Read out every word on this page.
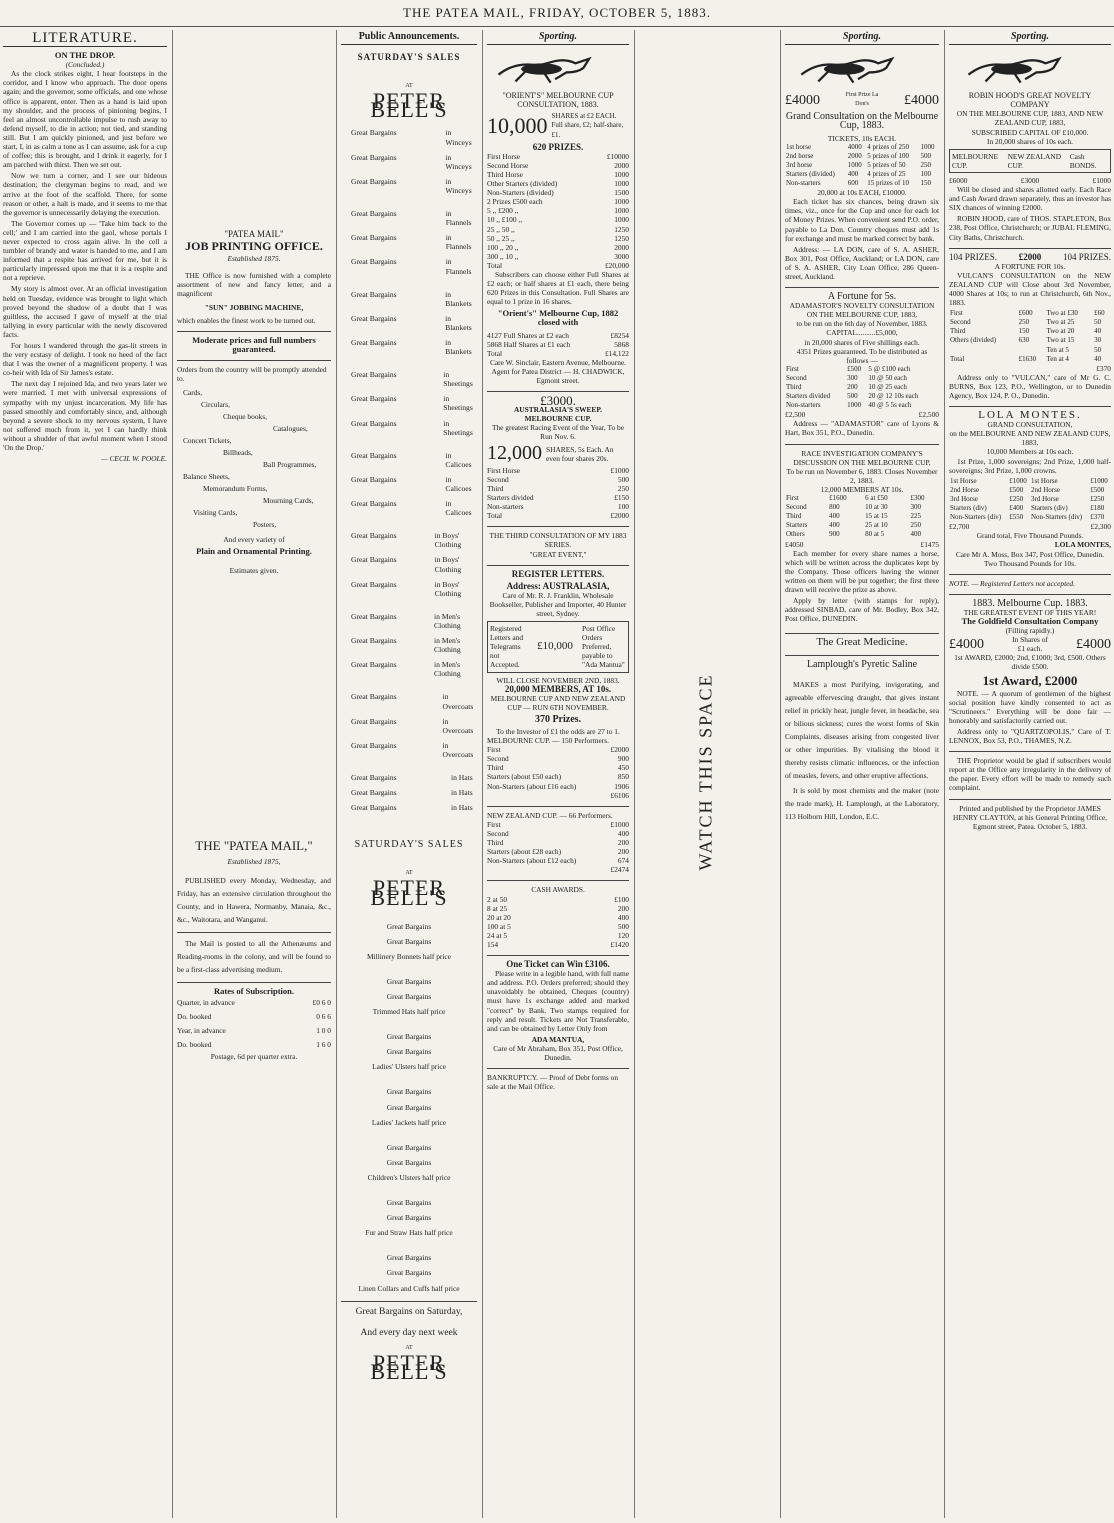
THE PATEA MAIL, FRIDAY, OCTOBER 5, 1883.
LITERATURE.
ON THE DROP.
(Concluded.)

As the clock strikes eight, I hear footsteps in the corridor, and I know who approach. The door opens again; and the governor, some officials, and one whose office is apparent, enter. Then as a hand is laid upon my shoulder, and the process of pinioning begins, I feel an almost uncontrollable impulse to rush away to defend myself, to die in action; not tied, and standing still. But I am quickly pinioned, and just before we start, I, in as calm a tone as I can assume, ask for a cup of coffee; this is brought, and I drink it eagerly, for I am parched with thirst. Then we set out.

Now we turn a corner, and I see our hideous destination; the clergyman begins to read, and we arrive at the foot of the scaffold. There, for some reason or other, a halt is made, and it seems to me that the governor is unnecessarily delaying the execution.

The Governor comes up — 'Take him back to the cell;' and I am carried into the gaol, whose portals I never expected to cross again alive. In the cell a tumbler of brandy and water is handed to me, and I am informed that a respite has arrived for me, but it is particularly impressed upon me that it is a respite and not a reprieve.

My story is almost over. At an official investigation held on Tuesday, evidence was brought to light which proved beyond the shadow of a doubt that I was guiltless, the accused I gave of myself at the trial tallying in every particular with the newly discovered facts.

For hours I wandered through the gas-lit streets in the very ecstasy of delight. I took no heed of the fact that I was the owner of a magnificent property. I was co-heir with Ida of Sir James's estate.

The next day I rejoined Ida, and two years later we were married. I met with universal expressions of sympathy with my unjust incarceration. My life has passed smoothly and comfortably since, and, although beyond a severe shock to my nervous system, I have not suffered much from it, yet I can hardly think without a shudder of that awful moment when I stood 'On the Drop.'

— CECIL W. POOLE.
"PATEA MAIL"
JOB PRINTING OFFICE.
Established 1875.

THE Office is now furnished with a complete assortment of new and fancy letter, and a magnificent

"SUN" JOBBING MACHINE,
which enables the finest work to be turned out.
Moderate prices and full numbers guaranteed.
Orders from the country will be promptly attended to.
Cards,
Circulars,
Cheque books,
Catalogues,
Concert Tickets,
Billheads,
Ball Programmes,
Balance Sheets,
Memorandum Forms,
Mourning Cards,
Visiting Cards,
Posters,
And every variety of
Plain and Ornamental Printing.
Estimates given.
THE "PATEA MAIL,"
Established 1875,

PUBLISHED every Monday, Wednesday, and Friday, has an extensive circulation throughout the County, and in Hawera, Normanby, Manaia, &c., &c., Waitotara, and Wanganui.

The Mail is posted to all the Athenæums and Reading-rooms in the colony, and will be found to be a first-class advertising medium.

Rates of Subscription.
Quarter, in advance	£0 6 0
Do. booked	0 6 6
Year, in advance	1 0 0
Do. booked	1 6 0
Postage, 6d per quarter extra.
Public Announcements.
SATURDAY'S SALES
AT
PETER BELL'S
Great Bargains	in Winceys
Great Bargains	in Winceys
Great Bargains	in Winceys
Great Bargains	in Flannels
Great Bargains	in Flannels
Great Bargains	in Flannels
Great Bargains	in Blankets
Great Bargains	in Blankets
Great Bargains	in Blankets
Great Bargains	in Sheetings
Great Bargains	in Sheetings
Great Bargains	in Sheetings
Great Bargains	in Calicoes
Great Bargains	in Calicoes
Great Bargains	in Calicoes
Great Bargains	in Boys' Clothing
Great Bargains	in Boys' Clothing
Great Bargains	in Boys' Clothing
Great Bargains	in Men's Clothing
Great Bargains	in Men's Clothing
Great Bargains	in Men's Clothing
Great Bargains	in Overcoats
Great Bargains	in Overcoats
Great Bargains	in Overcoats
Great Bargains	in Hats
Great Bargains	in Hats
Great Bargains	in Hats
SATURDAY'S SALES
AT
PETER BELL'S
Great Bargains
Great Bargains
Millinery Bonnets half price
Great Bargains
Great Bargains
Trimmed Hats half price
Great Bargains
Great Bargains
Ladies' Ulsters half price
Great Bargains
Great Bargains
Ladies' Jackets half price
Great Bargains
Great Bargains
Children's Ulsters half price
Great Bargains
Great Bargains
Fur and Straw Hats half price
Great Bargains
Great Bargains
Linen Collars and Cuffs half price
Great Bargains on Saturday,
And every day next week
AT
PETER BELL'S
Sporting.
"ORIENT'S" MELBOURNE CUP CONSULTATION, 1883.
10,000 SHARES at £2 EACH. Full share, £2; half-share, £1.
620 PRIZES.
First Horse	£10000
Second Horse	2000
Third Horse	1000
Other Starters (divided)	1000
Non-Starters (divided)	1500
2 Prizes £500 each	1000
5 ,, £200 ,,	1000
10 ,, £100 ,,	1000
25 ,, 50 ,,	1250
50 ,, 25 ,,	1250
100 ,, 20 ,,	2000
300 ,, 10 ,,	3000
Total	£20,000

Subscribers can choose either Full Shares at £2 each; or half shares at £1 each, there being 620 Prizes in this Consultation. Full Shares are equal to 1 prize in 16 shares.

"Orient's" Melbourne Cup, 1882 closed with
4127 Full Shares at £2 each	£8254
5868 Half Shares at £1 each	5868
Total	£14,122
Care W. Sinclair, Eastern Avenue, Melbourne. Agent for Patea District — H. CHADWICK, Egmont street.
£3000.
AUSTRALASIA'S SWEEP.
MELBOURNE CUP.
The greatest Racing Event of the Year, To be Run Nov. 6.
12,000 SHARES, 5s Each. An even four shares 20s.
First Horse	£1000
Second	500
Third	250
Starters divided	£150
Non-starters	100
Total	£2000
THE THIRD CONSULTATION OF MY 1883 SERIES.
"GREAT EVENT,"
REGISTER LETTERS.
Address: AUSTRALASIA,
Care of Mr. R. J. Franklin, Wholesale Bookseller, Publisher and Importer, 40 Hunter street, Sydney.
Registered Letters and Telegrams not Accepted.
£10,000
Post Office Orders Preferred, payable to "Ada Mantua"
WILL CLOSE NOVEMBER 2ND, 1883.
20,000 MEMBERS, AT 10s.
MELBOURNE CUP AND NEW ZEALAND CUP — RUN 6TH NOVEMBER.
370 Prizes.
To the Investor of £1 the odds are 27 to 1.
MELBOURNE CUP. — 150 Performers.
First	£2000
Second	900
Third	450
Starters (about £50 each)	850
Non-Starters (about £16 each)	1906
£6106
NEW ZEALAND CUP. — 66 Performers.
First	£1000
Second	400
Third	200
Starters (about £28 each)	200
Non-Starters (about £12 each)	674
£2474
CASH AWARDS.
2 at 50	£100
8 at 25	200
20 at 20	400
100 at 5	500
24 at 5	120
154	£1420
One Ticket can Win £3106.

Please write in a legible hand, with full name and address. P.O. Orders preferred; should they unavoidably be obtained, Cheques (country) must have 1s exchange added and marked "correct" by Bank. Two stamps required for reply and result. Tickets are Not Transferable, and can be obtained by Letter Only from

ADA MANTUA,
Care of Mr Abraham, Box 351, Post Office, Dunedin.
BANKRUPTCY. — Proof of Debt forms on sale at the Mail Office.
WATCH THIS SPACE
Sporting.
£4000	First Prize La Don's	£4000
Grand Consultation on the Melbourne Cup, 1883.
TICKETS, 10s EACH.
1st horse	4000	4 prizes of 250	1000
2nd horse	2000	5 prizes of 100	500
3rd horse	1000	5 prizes of 50	250
Starters (divided)	400	4 prizes of 25	100
Non-starters	600	15 prizes of 10	150
20,000 at 10s EACH, £10000.

Each ticket has six chances, being drawn six times, viz., once for the Cup and once for each lot of Money Prizes. When convenient send P.O. order, payable to La Don. Country cheques must add 1s for exchange and must be marked correct by bank.

Address: — LA DON, care of S. A. ASHER, Box 301, Post Office, Auckland; or LA DON, care of S. A. ASHER, City Loan Office, 286 Queen-street, Auckland.

A Fortune for 5s.
ADAMASTOR'S NOVELTY CONSULTATION ON THE MELBOURNE CUP, 1883,
to be run on the 6th day of November, 1883.
CAPITAL..........£5,000,
in 20,000 shares of Five shillings each.
4351 Prizes guaranteed. To be distributed as follows —
First	£500	5 @ £100 each	
Second	300	10 @ 50 each	
Third	200	10 @ 25 each	
Starters divided	500	20 @ 12 10s each	
Non-starters	1000	40 @ 5 5s each	
£2,500	£2,500

Address — "ADAMASTOR" care of Lyons & Hart, Box 351, P.O., Dunedin.

RACE INVESTIGATION COMPANY'S DISCUSSION ON THE MELBOURNE CUP,
To be run on November 6, 1883. Closes November 2, 1883.
12,000 MEMBERS AT 10s.
First	£1600	6 at £50	£300
Second	800	10 at 30	300
Third	400	15 at 15	225
Starters	400	25 at 10	250
Others	900	80 at 5	400
£4050	£1475

Each member for every share names a horse, which will be written across the duplicates kept by the Company. Those officers having the winner written on them will be put together; the first three drawn will receive the prize as above.

Apply by letter (with stamps for reply), addressed SINBAD, care of Mr. Bodley, Box 342, Post Office, DUNEDIN.

The Great Medicine.
Lamplough's Pyretic Saline

MAKES a most Purifying, invigorating, and agreeable effervescing draught, that gives instant relief in prickly heat, jungle fever, in headache, sea or bilious sickness; cures the worst forms of Skin Complaints, diseases arising from congested liver or other impurities. By vitalising the blood it thereby resists climatic influences, or the infection of measles, fevers, and other eruptive affections.

It is sold by most chemists and the maker (note the trade mark), H. Lamplough, at the Laboratory, 113 Holborn Hill, London, E.C.

Sporting.
ROBIN HOOD'S GREAT NOVELTY COMPANY
ON THE MELBOURNE CUP, 1883, AND NEW ZEALAND CUP, 1883,
SUBSCRIBED CAPITAL OF £10,000.
In 20,000 shares of 10s each.
MELBOURNE CUP.
NEW ZEALAND CUP.
Cash BONDS.
£6000	£3000	£1000

Will be closed and shares allotted early. Each Race and Cash Award drawn separately, thus an investor has SIX chances of winning £2000.

ROBIN HOOD, care of THOS. STAPLETON, Box 238, Post Office, Christchurch; or JUBAL FLEMING, City Baths, Christchurch.

104 PRIZES. £2000 104 PRIZES.
A FORTUNE FOR 10s.

VULCAN'S CONSULTATION on the NEW ZEALAND CUP will Close about 3rd November, 4000 Shares at 10s; to run at Christchurch, 6th Nov., 1883.

First	£600	Two at £30	£60
Second	250	Two at 25	50
Third	150	Two at 20	40
Others (divided)	630	Two at 15	30
		Ten at 5	50
Total	£1630	Ten at 4	40
£370

Address only to "VULCAN," care of Mr G. C. BURNS, Box 123, P.O., Wellington, or to Dunedin Agency, Box 124, P. O., Dunedin.

LOLA MONTES.
GRAND CONSULTATION,
on the MELBOURNE AND NEW ZEALAND CUPS, 1883,
10,000 Members at 10s each.

1st Prize, 1,000 sovereigns; 2nd Prize, 1,000 half-sovereigns; 3rd Prize, 1,000 crowns.

1st Horse	£1000	1st Horse	£1000
2nd Horse	£500	2nd Horse	£500
3rd Horse	£250	3rd Horse	£250
Starters (div)	£400	Starters (div)	£180
Non-Starters (div)	£550	Non-Starters (div)	£370
£2,700	£2,300
Grand total, Five Thousand Pounds.
LOLA MONTES,
Care Mr A. Moss, Box 347, Post Office, Dunedin. Two Thousand Pounds for 10s.
NOTE. — Registered Letters not accepted.
1883. Melbourne Cup. 1883.
THE GREATEST EVENT OF THIS YEAR!
The Goldfield Consultation Company
(Filling rapidly.)
£4000	In Shares of £1 each.	£4000
1st AWARD, £2000; 2nd, £1000; 3rd, £500. Others divide £500.
1st Award, £2000

NOTE. — A quorum of gentlemen of the highest social position have kindly consented to act as "Scrutineers." Everything will be done fair — honorably and satisfactorily carried out.

Address only to "QUARTZOPOLIS," Care of T. LENNOX, Box 53, P.O., THAMES, N.Z.

THE Proprietor would be glad if subscribers would report at the Office any irregularity in the delivery of the paper. Every effort will be made to remedy such complaint.

Printed and published by the Proprietor JAMES HENRY CLAYTON, at his General Printing Office, Egmont street, Patea. October 5, 1883.
